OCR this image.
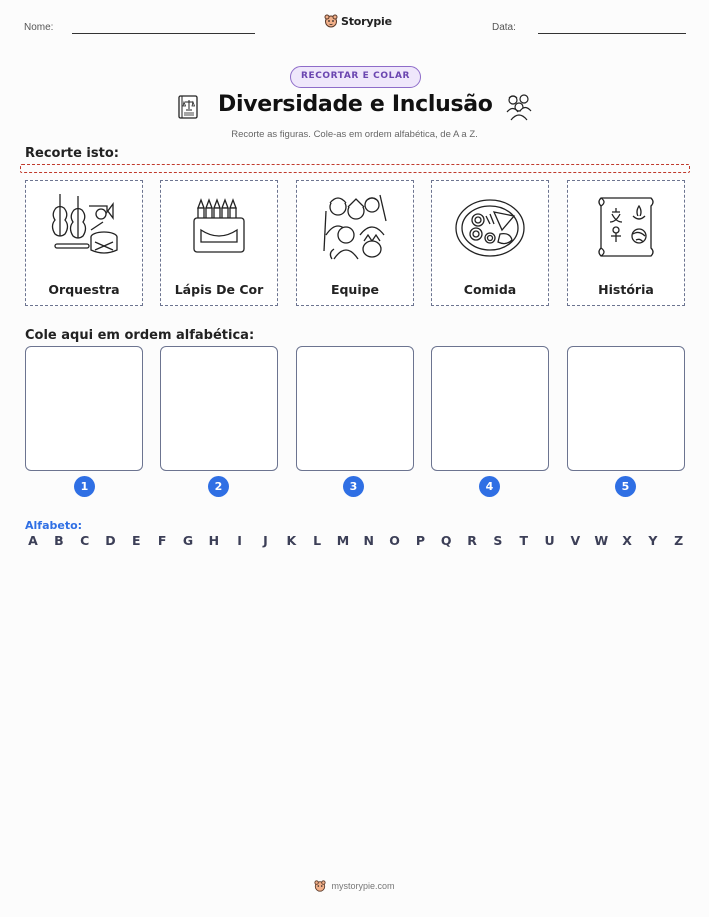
Nome:	Storypie	Data:
RECORTAR E COLAR
Diversidade e Inclusão
Recorte as figuras. Cole-as em ordem alfabética, de A a Z.
Recorte isto:
Orquestra	Lápis De Cor	Equipe	Comida	História
Cole aqui em ordem alfabética:
1	2	3	4	5
Alfabeto:
A B C D E F G H	I	J	K L M N O P Q R S T U V W X Y Z
mystorypie.com
